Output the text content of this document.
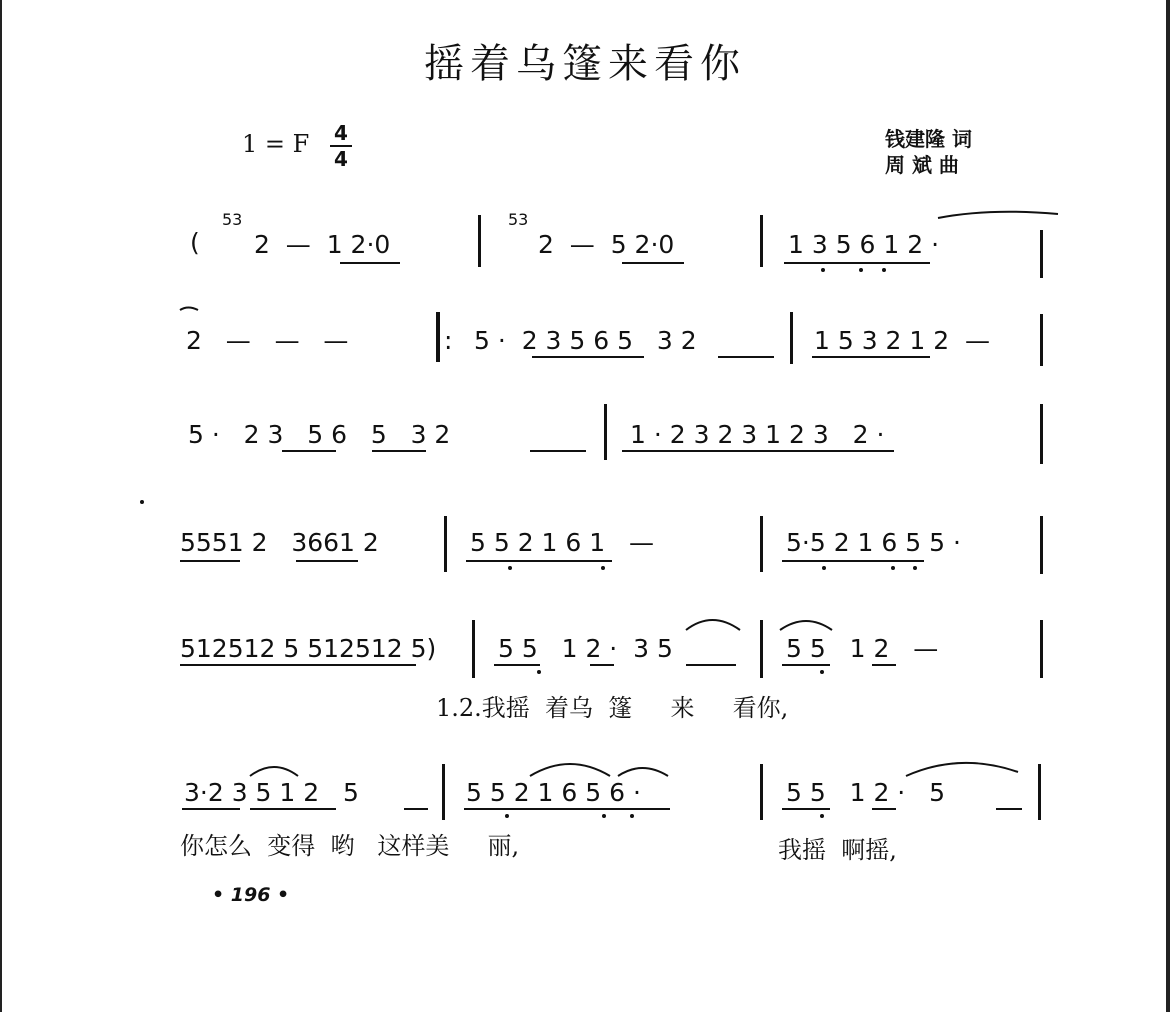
摇着乌篷来看你
1 = F 4
4
钱建隆 词
周 斌 曲
(
53
2  —  1 2·0
53
2  —  5 2·0	1 3 5 6 1 2 ·
2   —   —   —	: 5 ·  2 3 5 6 5   3 2	1 5 3 2 1 2  —
5 ·   2 3   5 6   5   3 2	1 · 2 3 2 3 1 2 3   2 ·
5551 2   3661 2	5 5 2 1 6 1   —	5·5 2 1 6 5 5 ·
512512 5 512512 5) 5 5   1 2 ·  3 5	5 5   1 2   —
1.2.我摇  着乌  篷     来     看你,
3·2 3 5 1 2   5	5 5 2 1 6 5 6 ·	5 5   1 2 ·   5
你怎么  变得  哟   这样美     丽,	我摇  啊摇,
• 196 •
